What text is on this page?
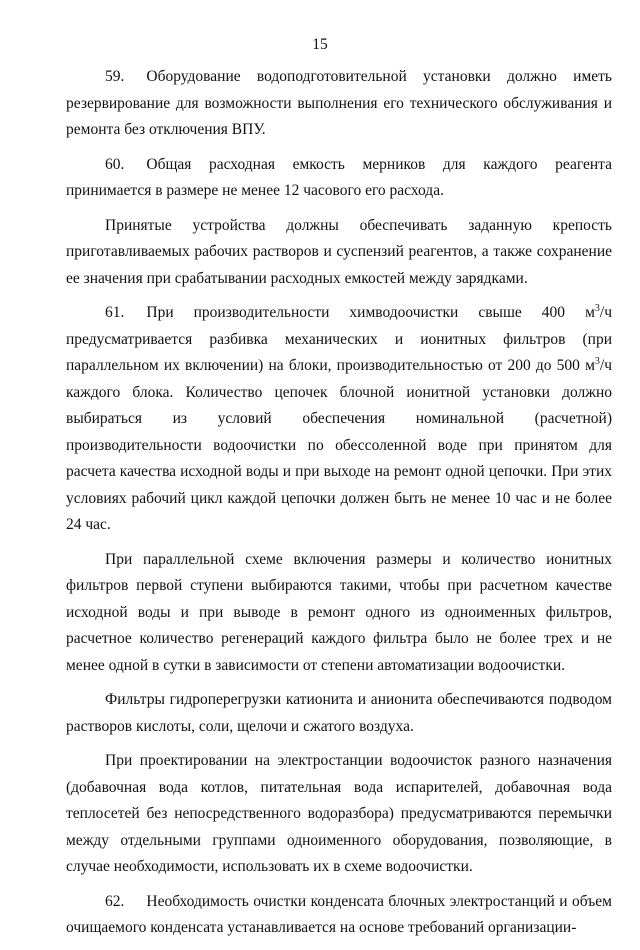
15

59. Оборудование водоподготовительной установки должно иметь резервирование для возможности выполнения его технического обслуживания и ремонта без отключения ВПУ.

60. Общая расходная емкость мерников для каждого реагента принимается в размере не менее 12 часового его расхода.

Принятые устройства должны обеспечивать заданную крепость приготавливаемых рабочих растворов и суспензий реагентов, а также сохранение ее значения при срабатывании расходных емкостей между зарядками.

61. При производительности химводоочистки свыше 400 $м^3/ч$ предусматривается разбивка механических и ионитных фильтров (при параллельном их включении) на блоки, производительностью от 200 до 500 $м^3/ч$ каждого блока. Количество цепочек блочной ионитной установки должно выбираться из условий обеспечения номинальной (расчетной) производительности водоочистки по обессоленной воде при принятом для расчета качества исходной воды и при выходе на ремонт одной цепочки. При этих условиях рабочий цикл каждой цепочки должен быть не менее 10 час и не более 24 час.

При параллельной схеме включения размеры и количество ионитных фильтров первой ступени выбираются такими, чтобы при расчетном качестве исходной воды и при выводе в ремонт одного из одноименных фильтров, расчетное количество регенераций каждого фильтра было не более трех и не менее одной в сутки в зависимости от степени автоматизации водоочистки.

Фильтры гидроперегрузки катионита и анионита обеспечиваются подводом растворов кислоты, соли, щелочи и сжатого воздуха.

При проектировании на электростанции водоочисток разного назначения (добавочная вода котлов, питательная вода испарителей, добавочная вода теплосетей без непосредственного водоразбора) предусматриваются перемычки между отдельными группами одноименного оборудования, позволяющие, в случае необходимости, использовать их в схеме водоочистки.

62. Необходимость очистки конденсата блочных электростанций и объем очищаемого конденсата устанавливается на основе требований организации-
